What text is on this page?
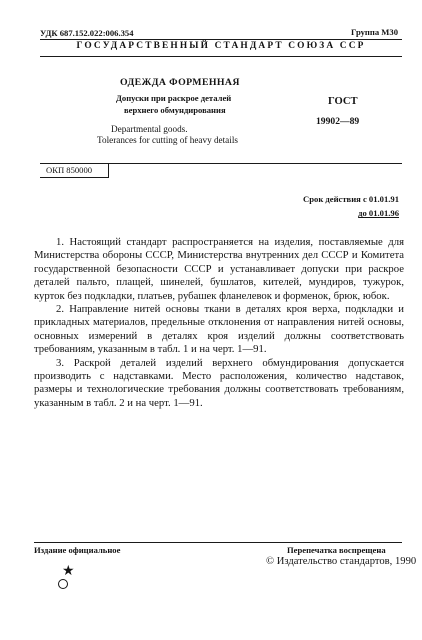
УДК 687.152.022:006.354	Группа М30
ГОСУДАРСТВЕННЫЙ СТАНДАРТ СОЮЗА ССР
ОДЕЖДА ФОРМЕННАЯ
Допуски при раскрое деталей
верхнего обмундирования
Departmental goods.
Tolerances for cutting of heavy details
ГОСТ
19902—89
ОКП 850000
Срок действия с 01.01.91
до 01.01.96

1. Настоящий стандарт распространяется на изделия, поставляемые для Министерства обороны СССР, Министерства внутренних дел СССР и Комитета государственной безопасности СССР и устанавливает допуски при раскрое деталей пальто, плащей, шинелей, бушлатов, кителей, мундиров, тужурок, курток без подкладки, платьев, рубашек фланелевок и форменок, брюк, юбок.

2. Направление нитей основы ткани в деталях кроя верха, подкладки и прикладных материалов, предельные отклонения от направления нитей основы, основных измерений в деталях кроя изделий должны соответствовать требованиям, указанным в табл. 1 и на черт. 1—91.

3. Раскрой деталей изделий верхнего обмундирования допускается производить с надставками. Место расположения, количество надставок, размеры и технологические требования должны соответствовать требованиям, указанным в табл. 2 и на черт. 1—91.

Издание официальное	Перепечатка воспрещена
© Издательство стандартов, 1990
★
